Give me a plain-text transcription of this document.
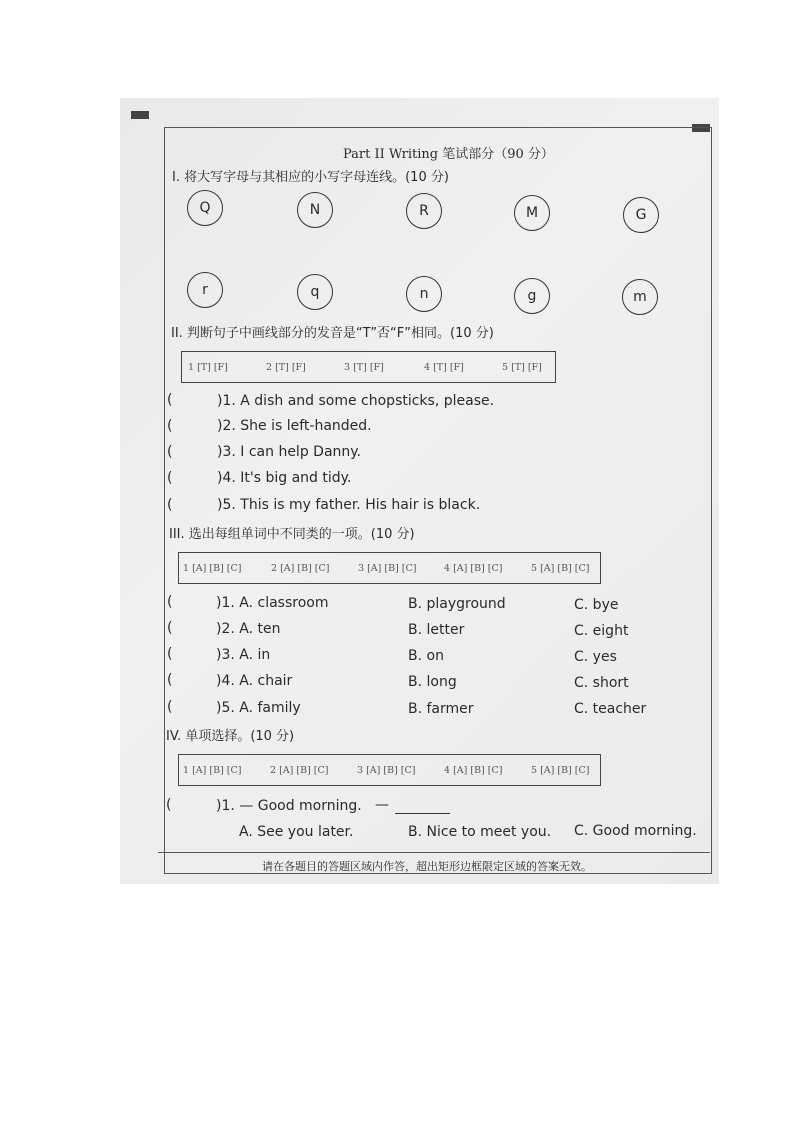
Part II Writing 笔试部分（90 分）
I. 将大写字母与其相应的小写字母连线。(10 分)
Q	N	R	M	G
r	q	n	g	m
II. 判断句子中画线部分的发音是“T”否“F”相同。(10 分)
1 [T] [F]	2 [T] [F]	3 [T] [F]	4 [T] [F]	5 [T] [F]
(	)1. A dish and some chopsticks, please.
(	)2. She is left-handed.
(	)3. I can help Danny.
(	)4. It's big and tidy.
(	)5. This is my father. His hair is black.
III. 选出每组单词中不同类的一项。(10 分)
1 [A] [B] [C]	2 [A] [B] [C]	3 [A] [B] [C]	4 [A] [B] [C]	5 [A] [B] [C]
(	)1. A. classroom	B. playground	C. bye
(	)2. A. ten	B. letter	C. eight
(	)3. A. in	B. on	C. yes
(	)4. A. chair	B. long	C. short
(	)5. A. family	B. farmer	C. teacher
IV. 单项选择。(10 分)
1 [A] [B] [C]	2 [A] [B] [C]	3 [A] [B] [C]	4 [A] [B] [C]	5 [A] [B] [C]
(	)1. — Good morning. —
A. See you later.	B. Nice to meet you. C. Good morning.
请在各题目的答题区域内作答，超出矩形边框限定区域的答案无效。
